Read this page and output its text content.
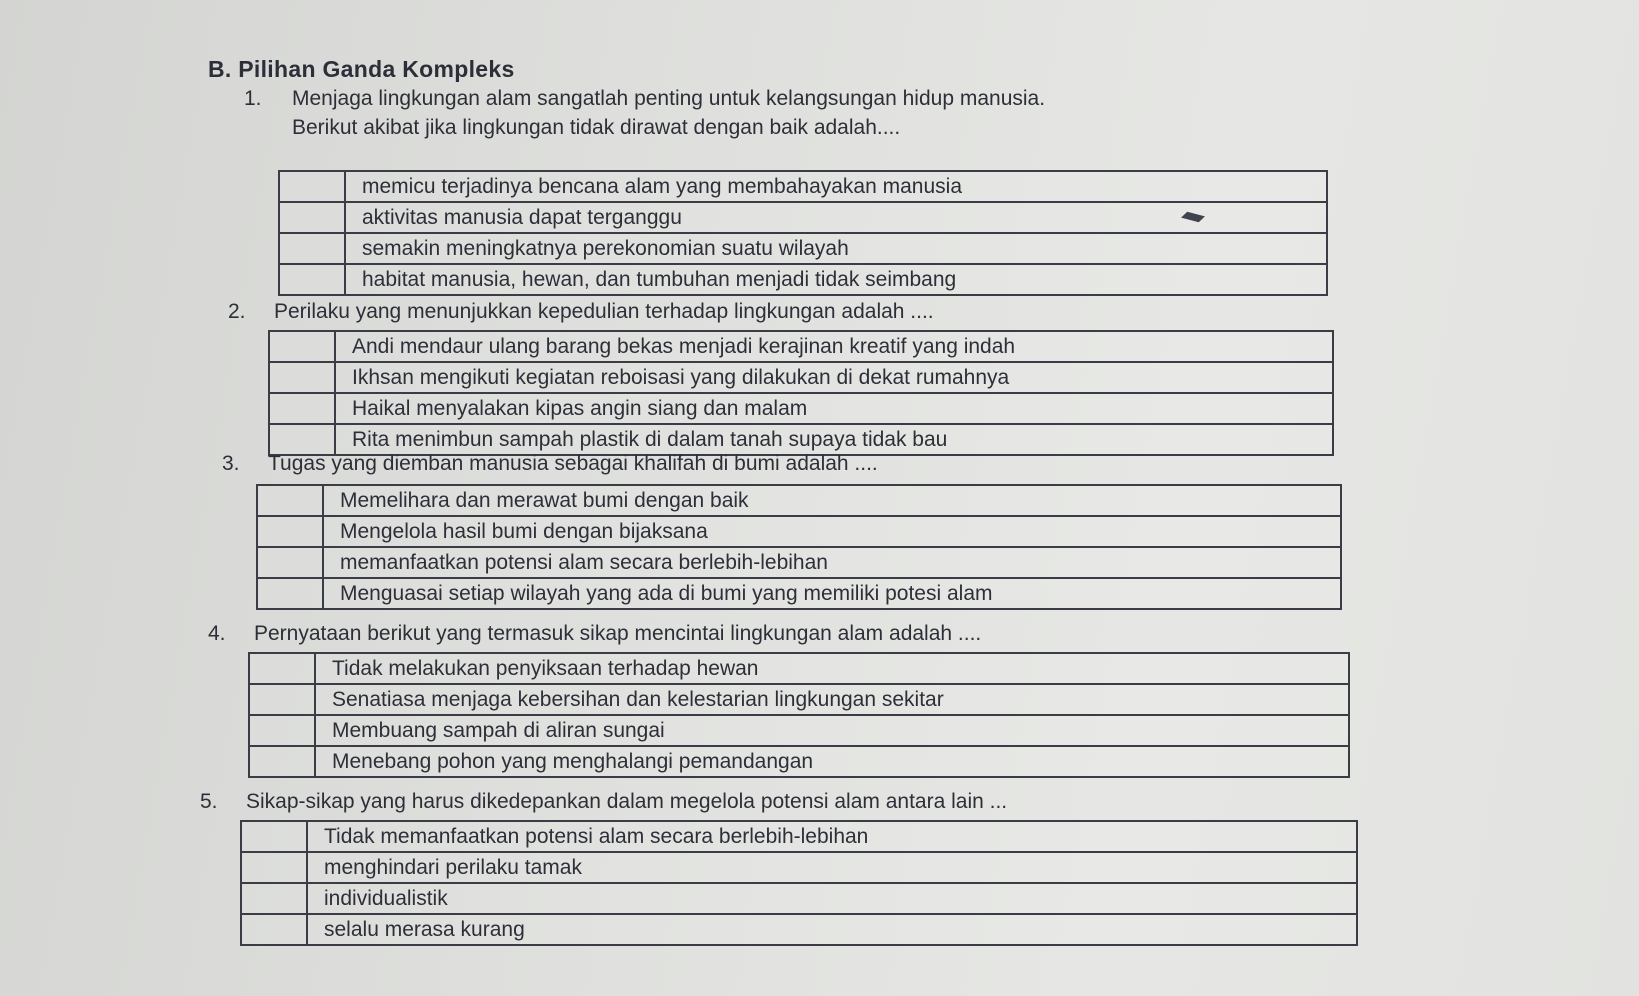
B. Pilihan Ganda Kompleks
1. Menjaga lingkungan alam sangatlah penting untuk kelangsungan hidup manusia.
Berikut akibat jika lingkungan tidak dirawat dengan baik adalah....
	memicu terjadinya bencana alam yang membahayakan manusia
	aktivitas manusia dapat terganggu
	semakin meningkatnya perekonomian suatu wilayah
	habitat manusia, hewan, dan tumbuhan menjadi tidak seimbang
2. Perilaku yang menunjukkan kepedulian terhadap lingkungan adalah ....
	Andi mendaur ulang barang bekas menjadi kerajinan kreatif yang indah
	Ikhsan mengikuti kegiatan reboisasi yang dilakukan di dekat rumahnya
	Haikal menyalakan kipas angin siang dan malam
	Rita menimbun sampah plastik di dalam tanah supaya tidak bau
3. Tugas yang diemban manusia sebagai khalifah di bumi adalah ....
	Memelihara dan merawat bumi dengan baik
	Mengelola hasil bumi dengan bijaksana
	memanfaatkan potensi alam secara berlebih-lebihan
	Menguasai setiap wilayah yang ada di bumi yang memiliki potesi alam
4. Pernyataan berikut yang termasuk sikap mencintai lingkungan alam adalah ....
	Tidak melakukan penyiksaan terhadap hewan
	Senatiasa menjaga kebersihan dan kelestarian lingkungan sekitar
	Membuang sampah di aliran sungai
	Menebang pohon yang menghalangi pemandangan
5. Sikap-sikap yang harus dikedepankan dalam megelola potensi alam antara lain ...
	Tidak memanfaatkan potensi alam secara berlebih-lebihan
	menghindari perilaku tamak
	individualistik
	selalu merasa kurang
